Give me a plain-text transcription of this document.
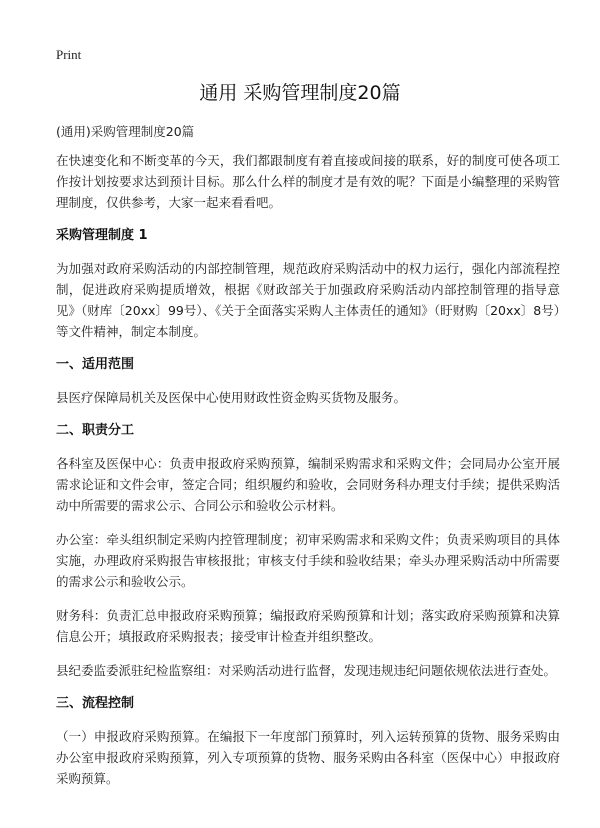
Print
通用 采购管理制度20篇
(通用)采购管理制度20篇

在快速变化和不断变革的今天，我们都跟制度有着直接或间接的联系，好的制度可使各项工作按计划按要求达到预计目标。那么什么样的制度才是有效的呢？下面是小编整理的采购管理制度，仅供参考，大家一起来看看吧。

采购管理制度 1

为加强对政府采购活动的内部控制管理，规范政府采购活动中的权力运行，强化内部流程控制，促进政府采购提质增效，根据《财政部关于加强政府采购活动内部控制管理的指导意见》（财库〔20xx〕99号）、《关于全面落实采购人主体责任的通知》（盱财购〔20xx〕8号）等文件精神，制定本制度。

一、适用范围

县医疗保障局机关及医保中心使用财政性资金购买货物及服务。

二、职责分工

各科室及医保中心：负责申报政府采购预算，编制采购需求和采购文件；会同局办公室开展需求论证和文件会审，签定合同；组织履约和验收，会同财务科办理支付手续；提供采购活动中所需要的需求公示、合同公示和验收公示材料。

办公室：牵头组织制定采购内控管理制度；初审采购需求和采购文件；负责采购项目的具体实施，办理政府采购报告审核报批；审核支付手续和验收结果；牵头办理采购活动中所需要的需求公示和验收公示。

财务科：负责汇总申报政府采购预算；编报政府采购预算和计划；落实政府采购预算和决算信息公开；填报政府采购报表；接受审计检查并组织整改。

县纪委监委派驻纪检监察组：对采购活动进行监督，发现违规违纪问题依规依法进行查处。

三、流程控制

（一）申报政府采购预算。在编报下一年度部门预算时，列入运转预算的货物、服务采购由办公室申报政府采购预算，列入专项预算的货物、服务采购由各科室（医保中心）申报政府采购预算。
